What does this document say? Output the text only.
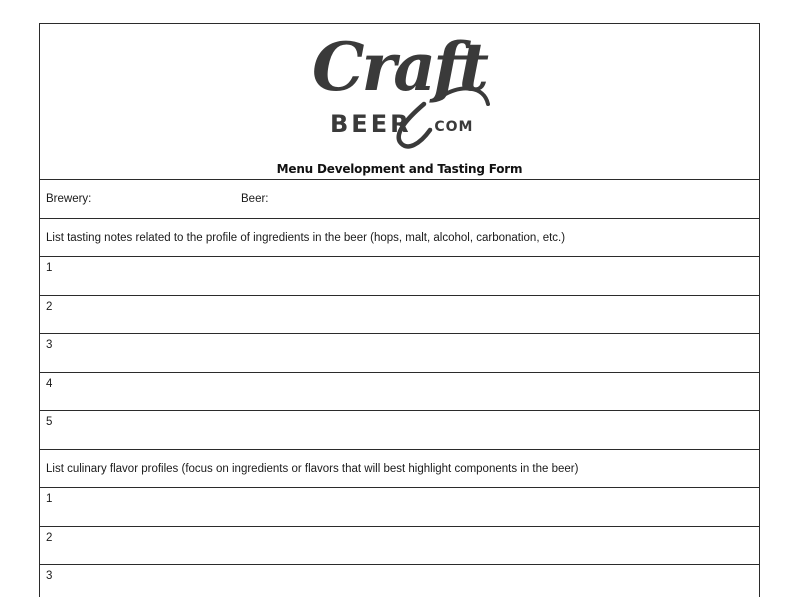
Craft
BEER .COM
Menu Development and Tasting Form
Brewery:	Beer:
List tasting notes related to the profile of ingredients in the beer (hops, malt, alcohol, carbonation, etc.)
1
2
3
4
5
List culinary flavor profiles (focus on ingredients or flavors that will best highlight components in the beer)
1
2
3
